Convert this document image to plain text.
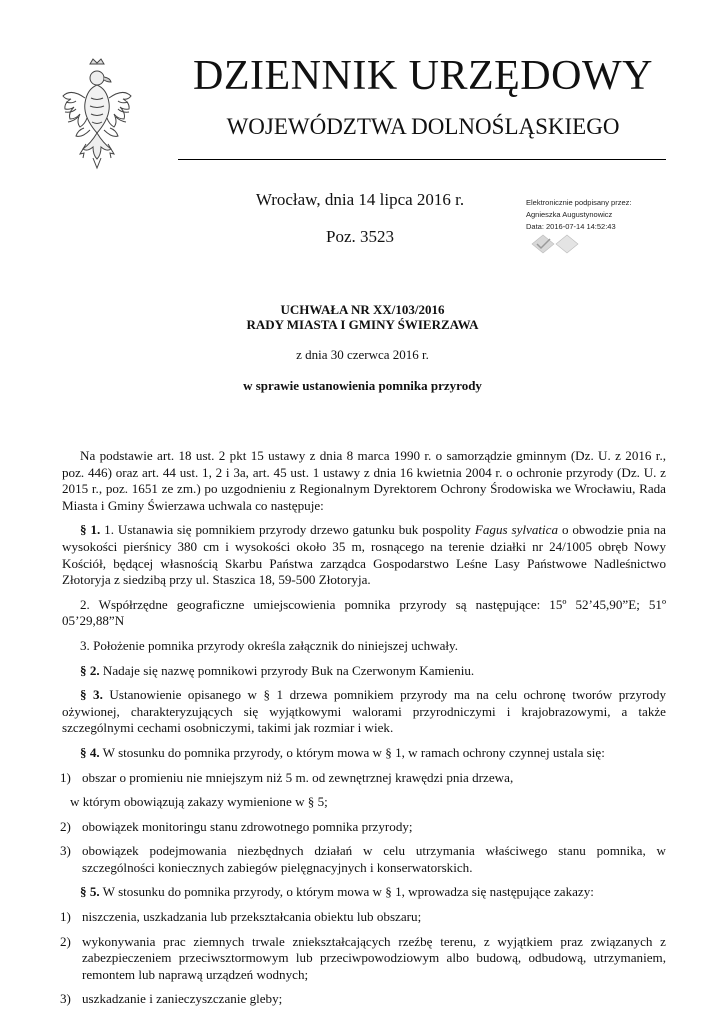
DZIENNIK URZĘDOWY
WOJEWÓDZTWA DOLNOŚLĄSKIEGO
Wrocław, dnia 14 lipca 2016 r.
Poz. 3523
Elektronicznie podpisany przez:
Agnieszka Augustynowicz
Data: 2016-07-14 14:52:43
UCHWAŁA NR XX/103/2016
RADY MIASTA I GMINY ŚWIERZAWA
z dnia 30 czerwca 2016 r.
w sprawie ustanowienia pomnika przyrody

Na podstawie art. 18 ust. 2 pkt 15 ustawy z dnia 8 marca 1990 r. o samorządzie gminnym (Dz. U. z 2016 r., poz. 446) oraz art. 44 ust. 1, 2 i 3a, art. 45 ust. 1 ustawy z dnia 16 kwietnia 2004 r. o ochronie przyrody (Dz. U. z 2015 r., poz. 1651 ze zm.) po uzgodnieniu z Regionalnym Dyrektorem Ochrony Środowiska we Wrocławiu, Rada Miasta i Gminy Świerzawa uchwala co następuje:

§ 1. 1. Ustanawia się pomnikiem przyrody drzewo gatunku buk pospolity Fagus sylvatica o obwodzie pnia na wysokości pierśnicy 380 cm i wysokości około 35 m, rosnącego na terenie działki nr 24/1005 obręb Nowy Kościół, będącej własnością Skarbu Państwa zarządca Gospodarstwo Leśne Lasy Państwowe Nadleśnictwo Złotoryja z siedzibą przy ul. Staszica 18, 59-500 Złotoryja.

2. Współrzędne geograficzne umiejscowienia pomnika przyrody są następujące: 15º 52’45,90”E; 51º 05’29,88”N

3. Położenie pomnika przyrody określa załącznik do niniejszej uchwały.

§ 2. Nadaje się nazwę pomnikowi przyrody Buk na Czerwonym Kamieniu.

§ 3. Ustanowienie opisanego w § 1 drzewa pomnikiem przyrody ma na celu ochronę tworów przyrody ożywionej, charakteryzujących się wyjątkowymi walorami przyrodniczymi i krajobrazowymi, a także szczególnymi cechami osobniczymi, takimi jak rozmiar i wiek.

§ 4. W stosunku do pomnika przyrody, o którym mowa w § 1, w ramach ochrony czynnej ustala się:

1) obszar o promieniu nie mniejszym niż 5 m. od zewnętrznej krawędzi pnia drzewa,
w którym obowiązują zakazy wymienione w § 5;
2) obowiązek monitoringu stanu zdrowotnego pomnika przyrody;
3) obowiązek podejmowania niezbędnych działań w celu utrzymania właściwego stanu pomnika, w szczególności koniecznych zabiegów pielęgnacyjnych i konserwatorskich.

§ 5. W stosunku do pomnika przyrody, o którym mowa w § 1, wprowadza się następujące zakazy:

1) niszczenia, uszkadzania lub przekształcania obiektu lub obszaru;
2) wykonywania prac ziemnych trwale zniekształcających rzeźbę terenu, z wyjątkiem praz związanych z zabezpieczeniem przeciwsztormowym lub przeciwpowodziowym albo budową, odbudową, utrzymaniem, remontem lub naprawą urządzeń wodnych;
3) uszkadzanie i zanieczyszczanie gleby;
